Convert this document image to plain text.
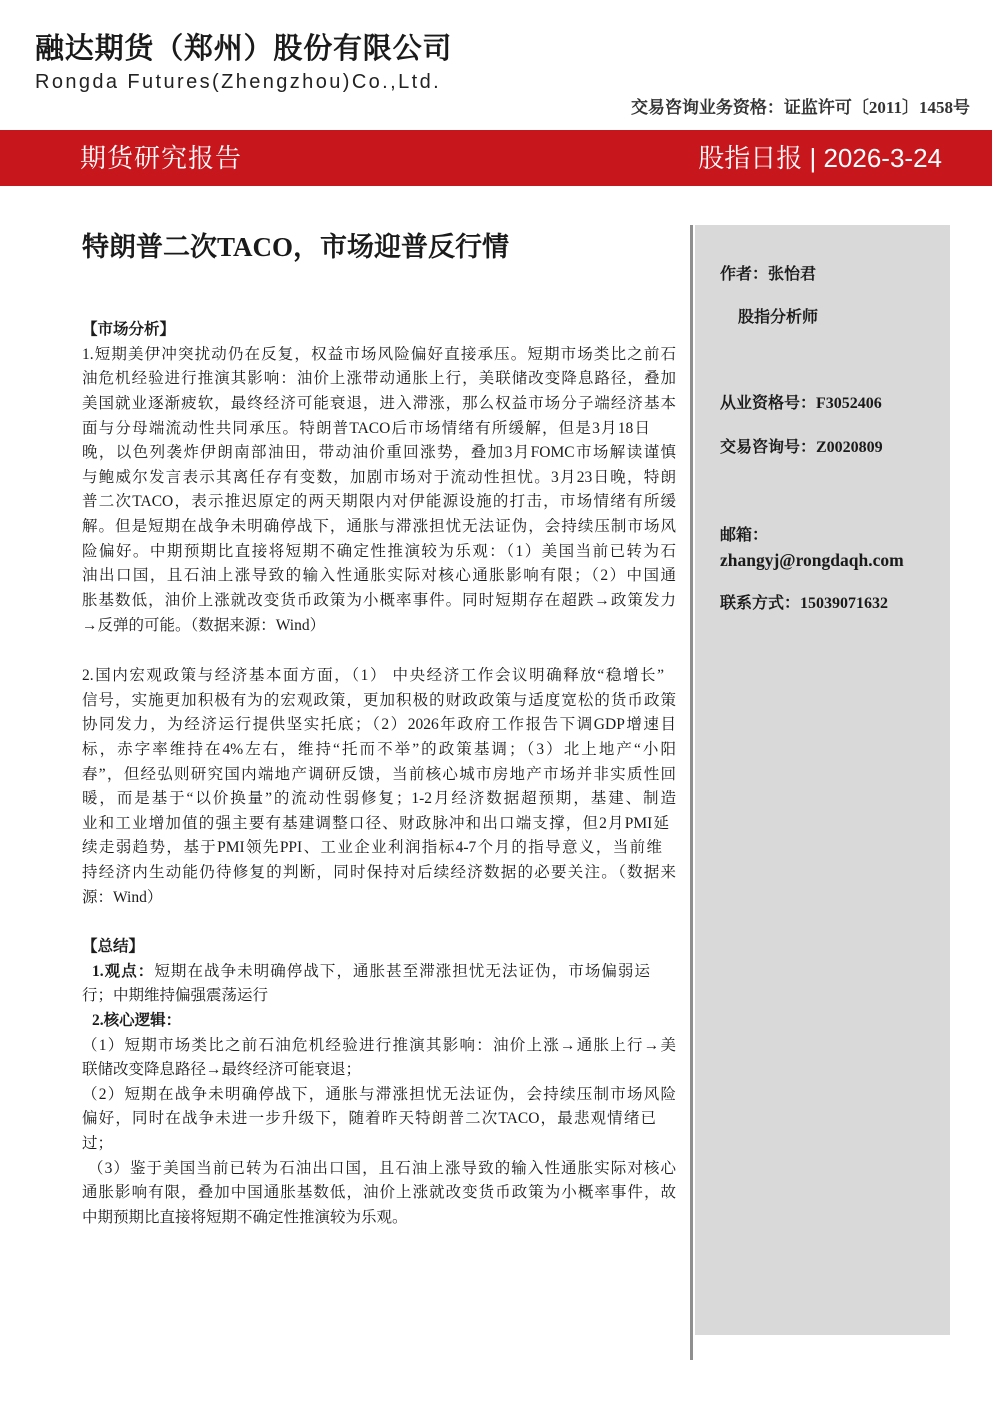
融达期货（郑州）股份有限公司
Rongda Futures(Zhengzhou)Co.,Ltd.
交易咨询业务资格：证监许可〔2011〕1458号
期货研究报告	股指日报 | 2026-3-24
特朗普二次TACO，市场迎普反行情
作者：张怡君
股指分析师
从业资格号：F3052406
交易咨询号：Z0020809
邮箱：
zhangyj@rongdaqh.com
联系方式：15039071632
【市场分析】
1.短期美伊冲突扰动仍在反复，权益市场风险偏好直接承压。短期市场类比之前石
油危机经验进行推演其影响：油价上涨带动通胀上行，美联储改变降息路径，叠加
美国就业逐渐疲软，最终经济可能衰退，进入滞涨，那么权益市场分子端经济基本
面与分母端流动性共同承压。特朗普TACO后市场情绪有所缓解，但是3月18日
晚，以色列袭炸伊朗南部油田，带动油价重回涨势，叠加3月FOMC市场解读谨慎
与鲍威尔发言表示其离任存有变数，加剧市场对于流动性担忧。3月23日晚，特朗
普二次TACO，表示推迟原定的两天期限内对伊能源设施的打击，市场情绪有所缓
解。但是短期在战争未明确停战下，通胀与滞涨担忧无法证伪，会持续压制市场风
险偏好。中期预期比直接将短期不确定性推演较为乐观：（1）美国当前已转为石
油出口国，且石油上涨导致的输入性通胀实际对核心通胀影响有限；（2）中国通
胀基数低，油价上涨就改变货币政策为小概率事件。同时短期存在超跌→政策发力
→反弹的可能。（数据来源：Wind）
2.国内宏观政策与经济基本面方面，（1） 中央经济工作会议明确释放“稳增长”
信号，实施更加积极有为的宏观政策，更加积极的财政政策与适度宽松的货币政策
协同发力，为经济运行提供坚实托底；（2）2026年政府工作报告下调GDP增速目
标，赤字率维持在4%左右，维持“托而不举”的政策基调；（3）北上地产“小阳
春”，但经弘则研究国内端地产调研反馈，当前核心城市房地产市场并非实质性回
暖，而是基于“以价换量”的流动性弱修复；1-2月经济数据超预期，基建、制造
业和工业增加值的强主要有基建调整口径、财政脉冲和出口端支撑，但2月PMI延
续走弱趋势，基于PMI领先PPI、工业企业利润指标4-7个月的指导意义，当前维
持经济内生动能仍待修复的判断，同时保持对后续经济数据的必要关注。（数据来
源：Wind）
【总结】
1.观点：短期在战争未明确停战下，通胀甚至滞涨担忧无法证伪，市场偏弱运
行；中期维持偏强震荡运行
2.核心逻辑：
（1）短期市场类比之前石油危机经验进行推演其影响：油价上涨→通胀上行→美
联储改变降息路径→最终经济可能衰退；
（2）短期在战争未明确停战下，通胀与滞涨担忧无法证伪，会持续压制市场风险
偏好，同时在战争未进一步升级下，随着昨天特朗普二次TACO，最悲观情绪已
过；
（3）鉴于美国当前已转为石油出口国，且石油上涨导致的输入性通胀实际对核心
通胀影响有限，叠加中国通胀基数低，油价上涨就改变货币政策为小概率事件，故
中期预期比直接将短期不确定性推演较为乐观。
